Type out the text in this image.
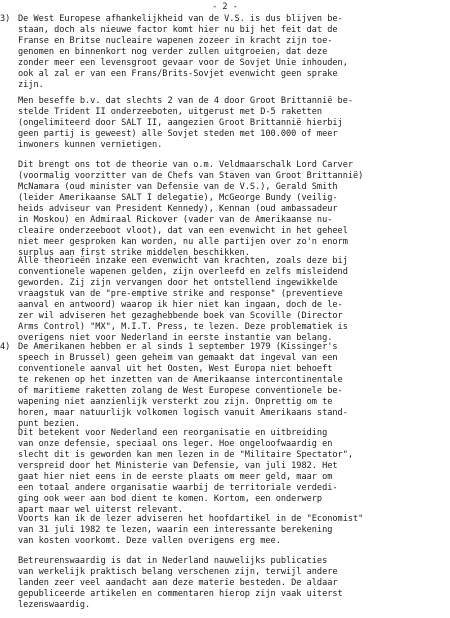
- 2 -
3) De West Europese afhankelijkheid van de V.S. is dus blijven be-
staan, doch als nieuwe factor komt hier nu bij het feit dat de
Franse en Britse nucleaire wapenen zozeer in kracht zijn toe-
genomen en binnenkort nog verder zullen uitgroeien, dat deze
zonder meer een levensgroot gevaar voor de Sovjet Unie inhouden,
ook al zal er van een Frans/Brits-Sovjet evenwicht geen sprake
zijn.
Men beseffe b.v. dat slechts 2 van de 4 door Groot Brittannië be-
stelde Trident II onderzeeboten, uitgerust met D-5 raketten
(ongelimiteerd door SALT II, aangezien Groot Brittannië hierbij
geen partij is geweest) alle Sovjet steden met 100.000 of meer
inwoners kunnen vernietigen.
Dit brengt ons tot de theorie van o.m. Veldmaarschalk Lord Carver
(voormalig voorzitter van de Chefs van Staven van Groot Brittannië)
McNamara (oud minister van Defensie van de V.S.), Gerald Smith
(leider Amerikaanse SALT I delegatie), McGeorge Bundy (veilig-
heids adviseur van President Kennedy), Kennan (oud ambassadeur
in Moskou) en Admiraal Rickover (vader van de Amerikaanse nu-
cleaire onderzeeboot vloot), dat van een evenwicht in het geheel
niet meer gesproken kan worden, nu alle partijen over zo'n enorm
surplus aan first strike middelen beschikken.
Alle theorieën inzake een evenwicht van krachten, zoals deze bij
conventionele wapenen gelden, zijn overleefd en zelfs misleidend
geworden. Zij zijn vervangen door het ontstellend ingewikkelde
vraagstuk van de "pre-emptive strike and response" (preventieve
aanval en antwoord) waarop ik hier niet kan ingaan, doch de le-
zer wil adviseren het gezaghebbende boek van Scoville (Director
Arms Control) "MX", M.I.T. Press, te lezen. Deze problematiek is
overigens niet voor Nederland in eerste instantie van belang.
4) De Amerikanen hebben er al sinds 1 september 1979 (Kissinger's
speech in Brussel) geen geheim van gemaakt dat ingeval van een
conventionele aanval uit het Oosten, West Europa niet behoeft
te rekenen op het inzetten van de Amerikaanse intercontinentale
of maritieme raketten zolang de West Europese conventionele be-
wapening niet aanzienlijk versterkt zou zijn. Onprettig om te
horen, maar natuurlijk volkomen logisch vanuit Amerikaans stand-
punt bezien.
Dit betekent voor Nederland een reorganisatie en uitbreiding
van onze defensie, speciaal ons leger. Hoe ongeloofwaardig en
slecht dit is geworden kan men lezen in de "Militaire Spectator",
verspreid door het Ministerie van Defensie, van juli 1982. Het
gaat hier niet eens in de eerste plaats om meer geld, maar om
een totaal andere organisatie waarbij de territoriale verdedi-
ging ook weer aan bod dient te komen. Kortom, een onderwerp
apart maar wel uiterst relevant.
Voorts kan ik de lezer adviseren het hoofdartikel in de "Economist"
van 31 juli 1982 te lezen, waarin een interessante berekening
van kosten voorkomt. Deze vallen overigens erg mee.
Betreurenswaardig is dat in Nederland nauwelijks publicaties
van werkelijk praktisch belang verschenen zijn, terwijl andere
landen zeer veel aandacht aan deze materie besteden. De aldaar
gepubliceerde artikelen en commentaren hierop zijn vaak uiterst
lezenswaardig.
